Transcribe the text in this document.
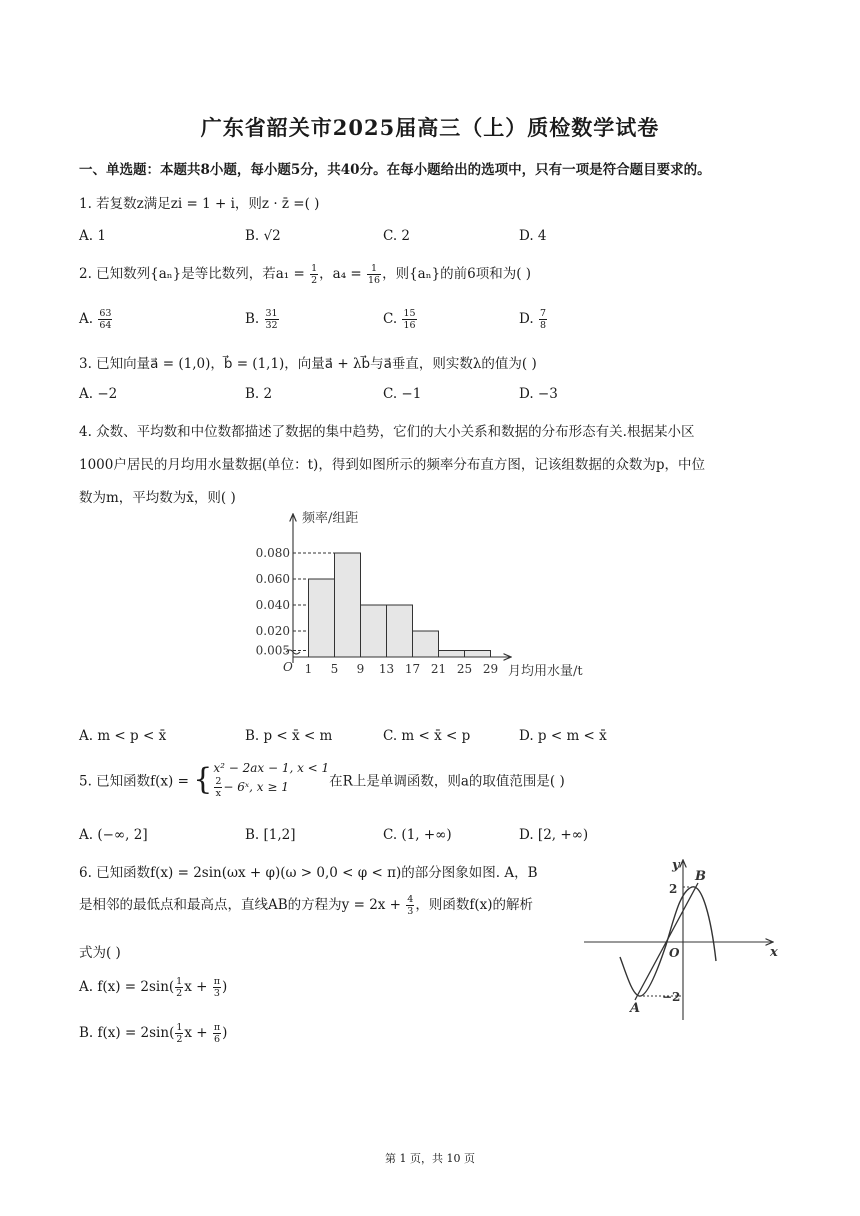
广东省韶关市2025届高三（上）质检数学试卷
一、单选题：本题共8小题，每小题5分，共40分。在每小题给出的选项中，只有一项是符合题目要求的。
1. 若复数z满足zi = 1 + i，则z · z̄ =( )
A. 1	B. √2	C. 2	D. 4
2. 已知数列{aₙ}是等比数列，若$a_1 = \frac{1}{2}$ ，$a_4 = \frac{1}{16}$ ，则{aₙ}的前6项和为( )
A. $\frac{63}{64}$	B. $\frac{31}{32}$	C. $\frac{15}{16}$	D. $\frac{7}{8}$
3. 已知向量a⃗ = (1,0)，b⃗ = (1,1)，向量a⃗ + λb⃗与a⃗垂直，则实数λ的值为( )
A. −2	B. 2	C. −1	D. −3
4. 众数、平均数和中位数都描述了数据的集中趋势，它们的大小关系和数据的分布形态有关.根据某小区
1000户居民的月均用水量数据(单位：t)，得到如图所示的频率分布直方图，记该组数据的众数为p，中位
数为m，平均数为x̄，则( )
0.080
0.060
0.040
0.020
0.005
1 5 9 13 17 21 25 29
频率/组距
月均用水量/t
O
A. m < p < x̄	B. p < x̄ < m	C. m < x̄ < p	D. p < m < x̄
5. 已知函数f(x) = { x² − 2ax − 1, x < 1
$\frac{2}{x}$ − 6ˣ, x ≥ 1	在R上是单调函数，则a的取值范围是( )
A. (−∞, 2]	B. [1,2]	C. (1, +∞)	D. [2, +∞)
6. 已知函数f(x) = 2sin(ωx + φ)(ω > 0,0 < φ < π)的部分图象如图. A，B
是相邻的最低点和最高点，直线AB的方程为$y = 2x + \frac{4}{3}$ ，则函数f(x)的解析
式为( )
A. $f(x) = 2\sin( \frac{1}{2}$ $x + \frac{\pi}{3}$ )
B. $f(x) = 2\sin( \frac{1}{2}$ $x + \frac{\pi}{6}$ )
y
x
O
2
−2
A
B
第 1 页，共 10 页
